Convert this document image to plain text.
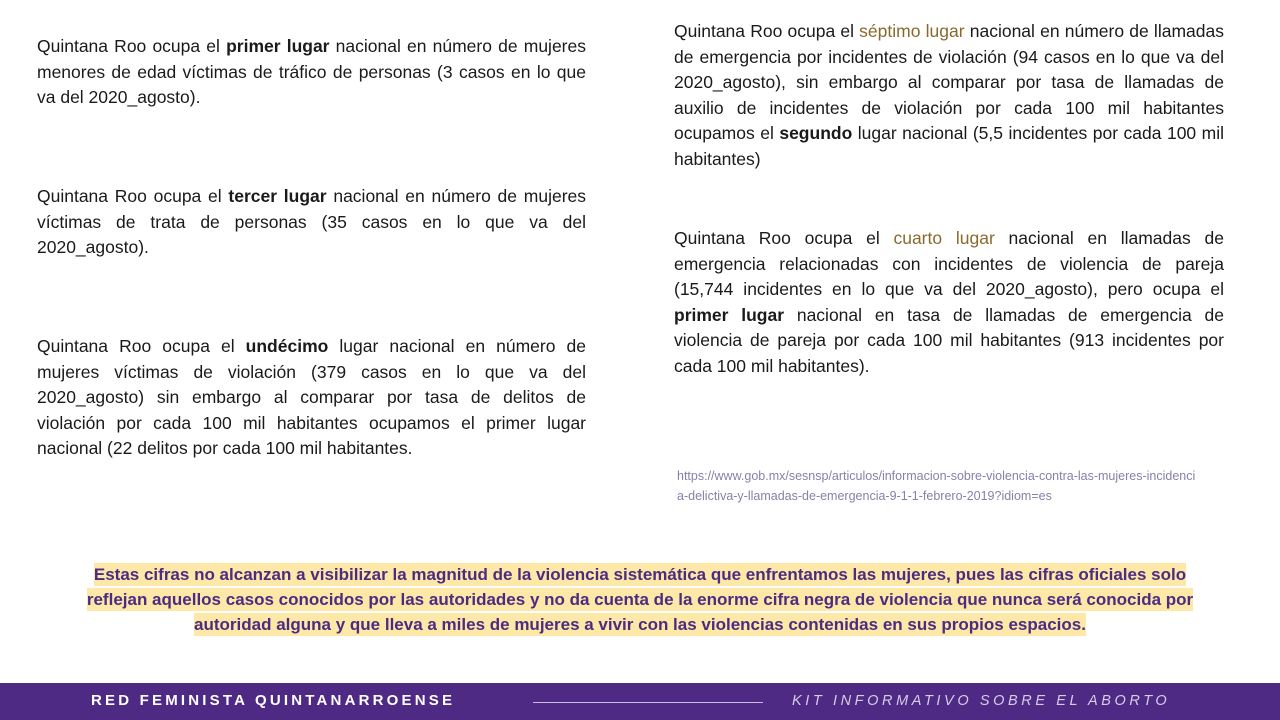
Quintana Roo ocupa el primer lugar nacional en número de mujeres menores de edad víctimas de tráfico de personas (3 casos en lo que va del 2020_agosto).

Quintana Roo ocupa el tercer lugar nacional en número de mujeres víctimas de trata de personas (35 casos en lo que va del 2020_agosto).

Quintana Roo ocupa el undécimo lugar nacional en número de mujeres víctimas de violación (379 casos en lo que va del 2020_agosto) sin embargo al comparar por tasa de delitos de violación por cada 100 mil habitantes ocupamos el primer lugar nacional (22 delitos por cada 100 mil habitantes.

Quintana Roo ocupa el séptimo lugar nacional en número de llamadas de emergencia por incidentes de violación (94 casos en lo que va del 2020_agosto), sin embargo al comparar por tasa de llamadas de auxilio de incidentes de violación por cada 100 mil habitantes ocupamos el segundo lugar nacional (5,5 incidentes por cada 100 mil habitantes)

Quintana Roo ocupa el cuarto lugar nacional en llamadas de emergencia relacionadas con incidentes de violencia de pareja (15,744 incidentes en lo que va del 2020_agosto), pero ocupa el primer lugar nacional en tasa de llamadas de emergencia de violencia de pareja por cada 100 mil habitantes (913 incidentes por cada 100 mil habitantes).

https://www.gob.mx/sesnsp/articulos/informacion-sobre-violencia-contra-las-mujeres-incidencia-delictiva-y-llamadas-de-emergencia-9-1-1-febrero-2019?idiom=es
Estas cifras no alcanzan a visibilizar la magnitud de la violencia sistemática que enfrentamos las mujeres, pues las cifras oficiales solo reflejan aquellos casos conocidos por las autoridades y no da cuenta de la enorme cifra negra de violencia que nunca será conocida por autoridad alguna y que lleva a miles de mujeres a vivir con las violencias contenidas en sus propios espacios.
RED FEMINISTA QUINTANARROENSE	KIT INFORMATIVO SOBRE EL ABORTO
